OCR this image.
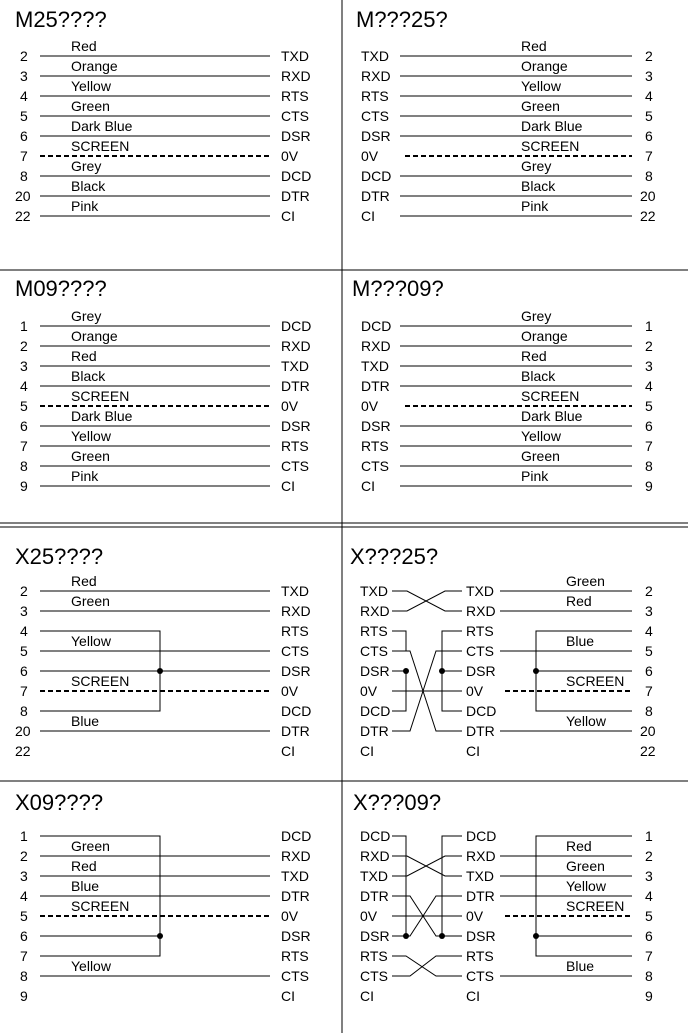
M25????
2
3
4
5
6
7
8
20
22
Red
Orange
Yellow
Green
Dark Blue
SCREEN
Grey
Black
Pink
TXD
RXD
RTS
CTS
DSR
0V
DCD
DTR
CI
M???25?
TXD
RXD
RTS
CTS
DSR
0V
DCD
DTR
CI
Red
Orange
Yellow
Green
Dark Blue
SCREEN
Grey
Black
Pink
2
3
4
5
6
7
8
20
22
M09????
1
2
3
4
5
6
7
8
9
Grey
Orange
Red
Black
SCREEN
Dark Blue
Yellow
Green
Pink
DCD
RXD
TXD
DTR
0V
DSR
RTS
CTS
CI
M???09?
DCD
RXD
TXD
DTR
0V
DSR
RTS
CTS
CI
Grey
Orange
Red
Black
SCREEN
Dark Blue
Yellow
Green
Pink
1
2
3
4
5
6
7
8
9
X25????
2
3
4
5
6
7
8
20
22
Red
Green
Yellow
SCREEN
Blue
TXD
RXD
RTS
CTS
DSR
0V
DCD
DTR
CI
X???25?
TXD
RXD
RTS
CTS
DSR
0V
DCD
DTR
CI
TXD
RXD
RTS
CTS
DSR
0V
DCD
DTR
CI
Green
Red
Blue
SCREEN
Yellow
2
3
4
5
6
7
8
20
22
X09????
1
2
3
4
5
6
7
8
9
Green
Red
Blue
SCREEN
Yellow
DCD
RXD
TXD
DTR
0V
DSR
RTS
CTS
CI
X???09?
DCD
RXD
TXD
DTR
0V
DSR
RTS
CTS
CI
DCD
RXD
TXD
DTR
0V
DSR
RTS
CTS
CI
Red
Green
Yellow
SCREEN
Blue
1
2
3
4
5
6
7
8
9
